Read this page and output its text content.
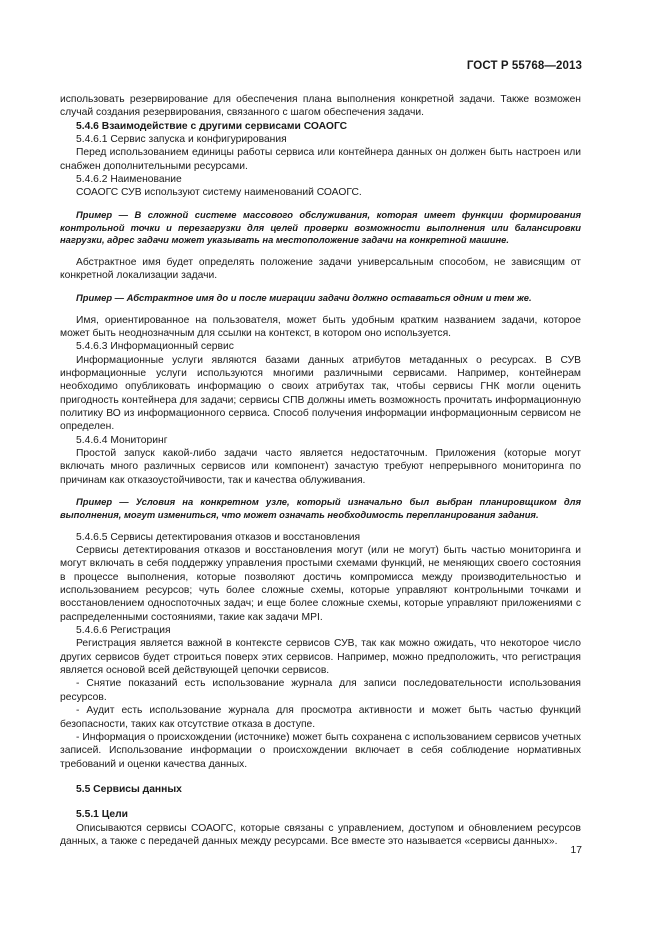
ГОСТ Р 55768—2013

использовать резервирование для обеспечения плана выполнения конкретной задачи. Также возможен случай создания резервирования, связанного с шагом обеспечения задачи.

5.4.6 Взаимодействие с другими сервисами СОАОГС

5.4.6.1 Сервис запуска и конфигурирования

Перед использованием единицы работы сервиса или контейнера данных он должен быть настроен или снабжен дополнительными ресурсами.

5.4.6.2 Наименование

СОАОГС СУВ используют систему наименований СОАОГС.

Пример — В сложной системе массового обслуживания, которая имеет функции формирования контрольной точки и перезагрузки для целей проверки возможности выполнения или балансировки нагрузки, адрес задачи может указывать на местоположение задачи на конкретной машине.

Абстрактное имя будет определять положение задачи универсальным способом, не зависящим от конкретной локализации задачи.

Пример — Абстрактное имя до и после миграции задачи должно оставаться одним и тем же.

Имя, ориентированное на пользователя, может быть удобным кратким названием задачи, которое может быть неоднозначным для ссылки на контекст, в котором оно используется.

5.4.6.3 Информационный сервис

Информационные услуги являются базами данных атрибутов метаданных о ресурсах. В СУВ информационные услуги используются многими различными сервисами. Например, контейнерам необходимо опубликовать информацию о своих атрибутах так, чтобы сервисы ГНК могли оценить пригодность контейнера для задачи; сервисы СПВ должны иметь возможность прочитать информационную политику ВО из информационного сервиса. Способ получения информации информационным сервисом не определен.

5.4.6.4 Мониторинг

Простой запуск какой-либо задачи часто является недостаточным. Приложения (которые могут включать много различных сервисов или компонент) зачастую требуют непрерывного мониторинга по причинам как отказоустойчивости, так и качества облуживания.

Пример — Условия на конкретном узле, который изначально был выбран планировщиком для выполнения, могут измениться, что может означать необходимость перепланирования задания.

5.4.6.5 Сервисы детектирования отказов и восстановления

Сервисы детектирования отказов и восстановления могут (или не могут) быть частью мониторинга и могут включать в себя поддержку управления простыми схемами функций, не меняющих своего состояния в процессе выполнения, которые позволяют достичь компромисса между производительностью и использованием ресурсов; чуть более сложные схемы, которые управляют контрольными точками и восстановлением односпоточных задач; и еще более сложные схемы, которые управляют приложениями с распределенными состояниями, такие как задачи MPI.

5.4.6.6 Регистрация

Регистрация является важной в контексте сервисов СУВ, так как можно ожидать, что некоторое число других сервисов будет строиться поверх этих сервисов. Например, можно предположить, что регистрация является основой всей действующей цепочки сервисов.

- Снятие показаний есть использование журнала для записи последовательности использования ресурсов.

- Аудит есть использование журнала для просмотра активности и может быть частью функций безопасности, таких как отсутствие отказа в доступе.

- Информация о происхождении (источнике) может быть сохранена с использованием сервисов учетных записей. Использование информации о происхождении включает в себя соблюдение нормативных требований и оценки качества данных.

5.5 Сервисы данных

5.5.1 Цели

Описываются сервисы СОАОГС, которые связаны с управлением, доступом и обновлением ресурсов данных, а также с передачей данных между ресурсами. Все вместе это называется «сервисы данных».

17
